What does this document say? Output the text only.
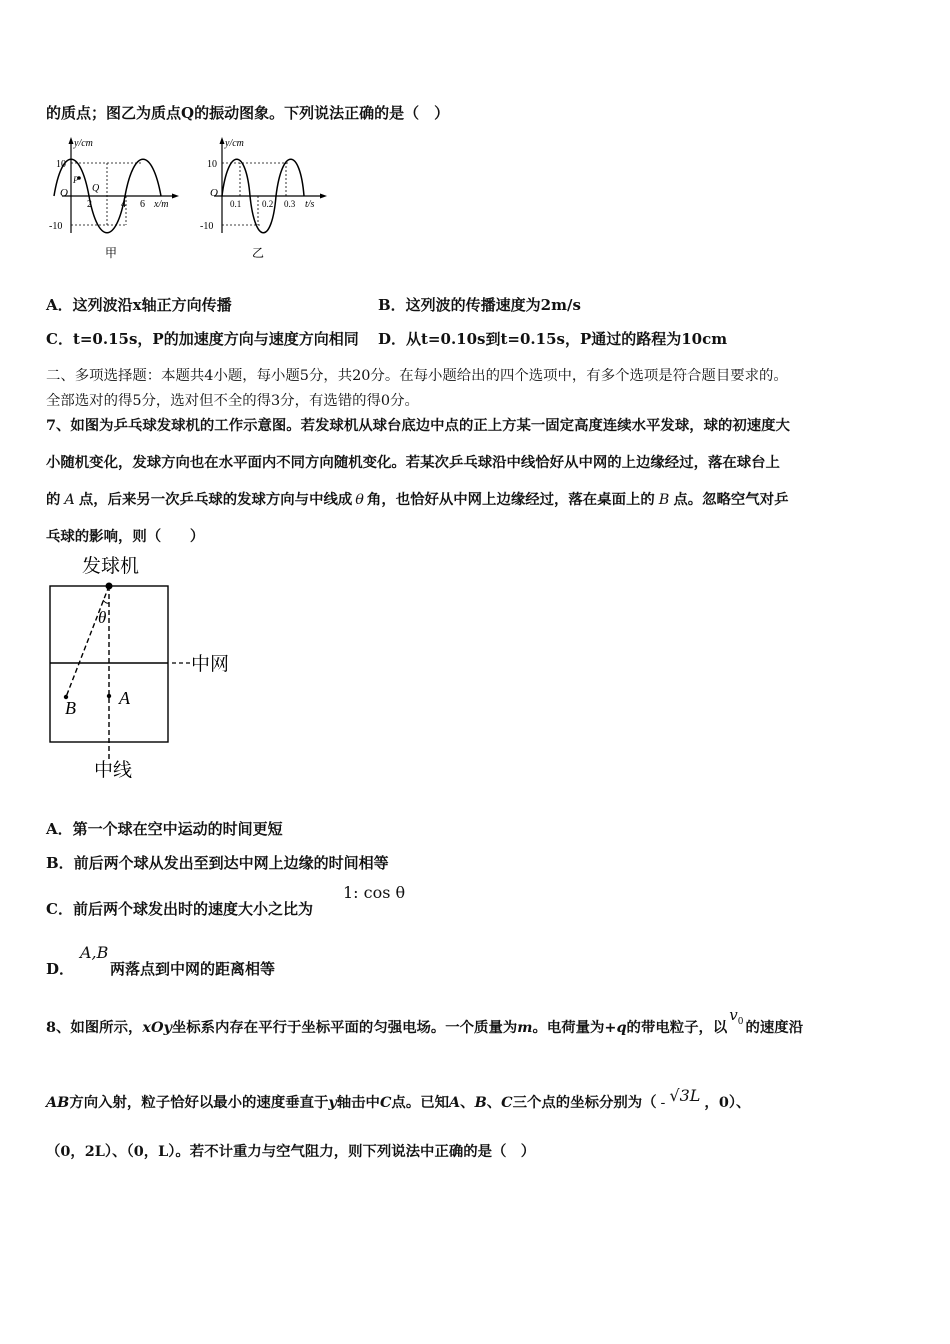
的质点；图乙为质点Q的振动图象。下列说法正确的是（　）
y/cm
10
-10
O
P
Q
2	4 6 x/m
甲
y/cm
10
-10
O
0.1 0.2 0.3 t/s
乙
A．这列波沿x轴正方向传播	B．这列波的传播速度为2m/s
C．t=0.15s，P的加速度方向与速度方向相同 D．从t=0.10s到t=0.15s，P通过的路程为10cm
二、多项选择题：本题共4小题，每小题5分，共20分。在每小题给出的四个选项中，有多个选项是符合题目要求的。
全部选对的得5分，选对但不全的得3分，有选错的得0分。
7、如图为乒乓球发球机的工作示意图。若发球机从球台底边中点的正上方某一固定高度连续水平发球，球的初速度大
小随机变化，发球方向也在水平面内不同方向随机变化。若某次乒乓球沿中线恰好从中网的上边缘经过，落在球台上
的 A 点，后来另一次乒乓球的发球方向与中线成 θ 角，也恰好从中网上边缘经过，落在桌面上的 B 点。忽略空气对乒
乓球的影响，则（　　）
发球机
θ
A
B
中网
中线
A．第一个球在空中运动的时间更短
B．前后两个球从发出至到达中网上边缘的时间相等
C．前后两个球发出时的速度大小之比为
1: cos θ
D．
A,B
两落点到中网的距离相等
8、如图所示，xOy坐标系内存在平行于坐标平面的匀强电场。一个质量为m。电荷量为+q的带电粒子，以$v_0$ 的速度沿
AB方向入射，粒子恰好以最小的速度垂直于y轴击中C点。已知A、B、C三个点的坐标分别为（ - √3L ，0）、
（0，2L）、（0，L）。若不计重力与空气阻力，则下列说法中正确的是（　）
